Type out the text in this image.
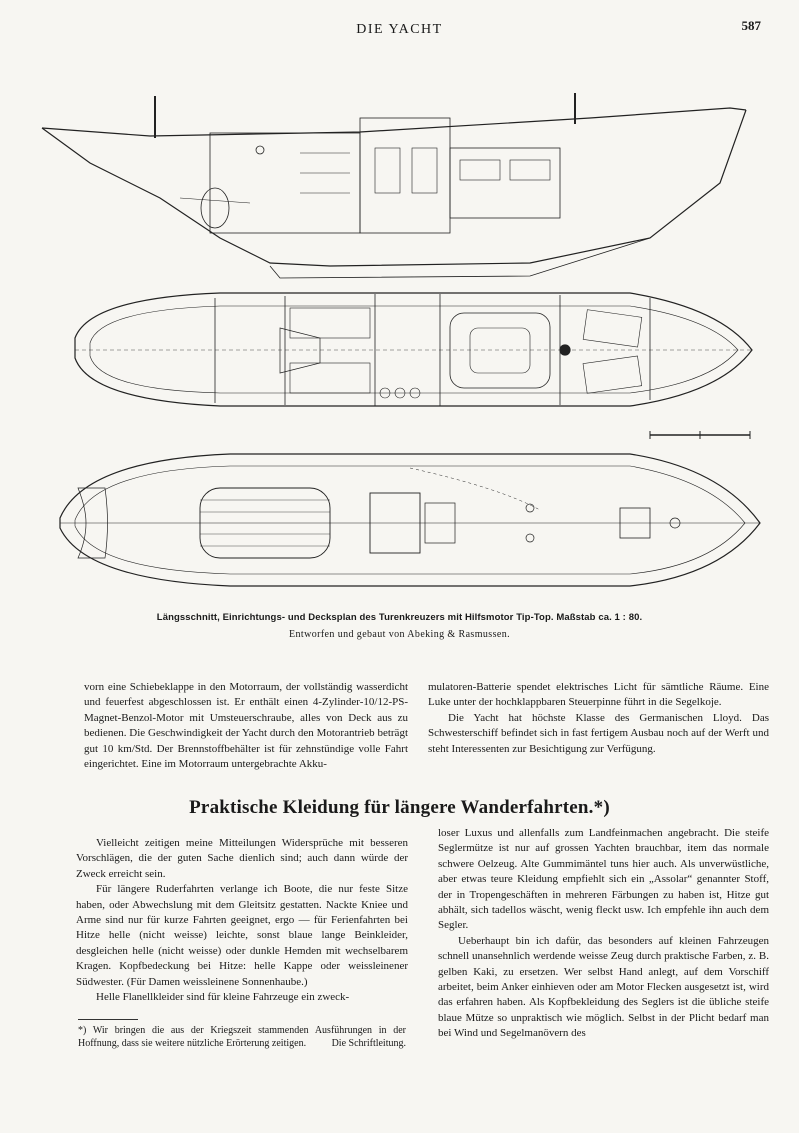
DIE YACHT	587
Längsschnitt, Einrichtungs- und Decksplan des Turenkreuzers mit Hilfsmotor Tip-Top. Maßstab ca. 1 : 80.
Entworfen und gebaut von Abeking & Rasmussen.

vorn eine Schiebeklappe in den Motorraum, der vollständig wasserdicht und feuerfest abgeschlossen ist. Er enthält einen 4-Zylinder-10/12-PS-Magnet-Benzol-Motor mit Umsteuerschraube, alles von Deck aus zu bedienen. Die Geschwindigkeit der Yacht durch den Motorantrieb beträgt gut 10 km/Std. Der Brennstoffbehälter ist für zehnstündige volle Fahrt eingerichtet. Eine im Motorraum untergebrachte Akku-

mulatoren-Batterie spendet elektrisches Licht für sämtliche Räume. Eine Luke unter der hochklappbaren Steuerpinne führt in die Segelkoje.

Die Yacht hat höchste Klasse des Germanischen Lloyd. Das Schwesterschiff befindet sich in fast fertigem Ausbau noch auf der Werft und steht Interessenten zur Besichtigung zur Verfügung.

Praktische Kleidung für längere Wanderfahrten.*)

Vielleicht zeitigen meine Mitteilungen Widersprüche mit besseren Vorschlägen, die der guten Sache dienlich sind; auch dann würde der Zweck erreicht sein.

Für längere Ruderfahrten verlange ich Boote, die nur feste Sitze haben, oder Abwechslung mit dem Gleitsitz gestatten. Nackte Kniee und Arme sind nur für kurze Fahrten geeignet, ergo — für Ferienfahrten bei Hitze helle (nicht weisse) leichte, sonst blaue lange Beinkleider, desgleichen helle (nicht weisse) oder dunkle Hemden mit wechselbarem Kragen. Kopfbedeckung bei Hitze: helle Kappe oder weissleinener Südwester. (Für Damen weissleinene Sonnenhaube.)

Helle Flanellkleider sind für kleine Fahrzeuge ein zweck-

loser Luxus und allenfalls zum Landfeinmachen angebracht. Die steife Seglermütze ist nur auf grossen Yachten brauchbar, item das normale schwere Oelzeug. Alte Gummimäntel tuns hier auch. Als unverwüstliche, aber etwas teure Kleidung empfiehlt sich ein „Assolar“ genannter Stoff, der in Tropengeschäften in mehreren Färbungen zu haben ist, Hitze gut abhält, sich tadellos wäscht, wenig fleckt usw. Ich empfehle ihn auch dem Segler.

Ueberhaupt bin ich dafür, das besonders auf kleinen Fahrzeugen schnell unansehnlich werdende weisse Zeug durch praktische Farben, z. B. gelben Kaki, zu ersetzen. Wer selbst Hand anlegt, auf dem Vorschiff arbeitet, beim Anker einhieven oder am Motor Flecken ausgesetzt ist, wird das erfahren haben. Als Kopfbekleidung des Seglers ist die übliche steife blaue Mütze so unpraktisch wie möglich. Selbst in der Plicht bedarf man bei Wind und Segelmanövern des

*) Wir bringen die aus der Kriegszeit stammenden Ausführungen in der Hoffnung, dass sie weitere nützliche Erörterung zeitigen.	Die Schriftleitung.
